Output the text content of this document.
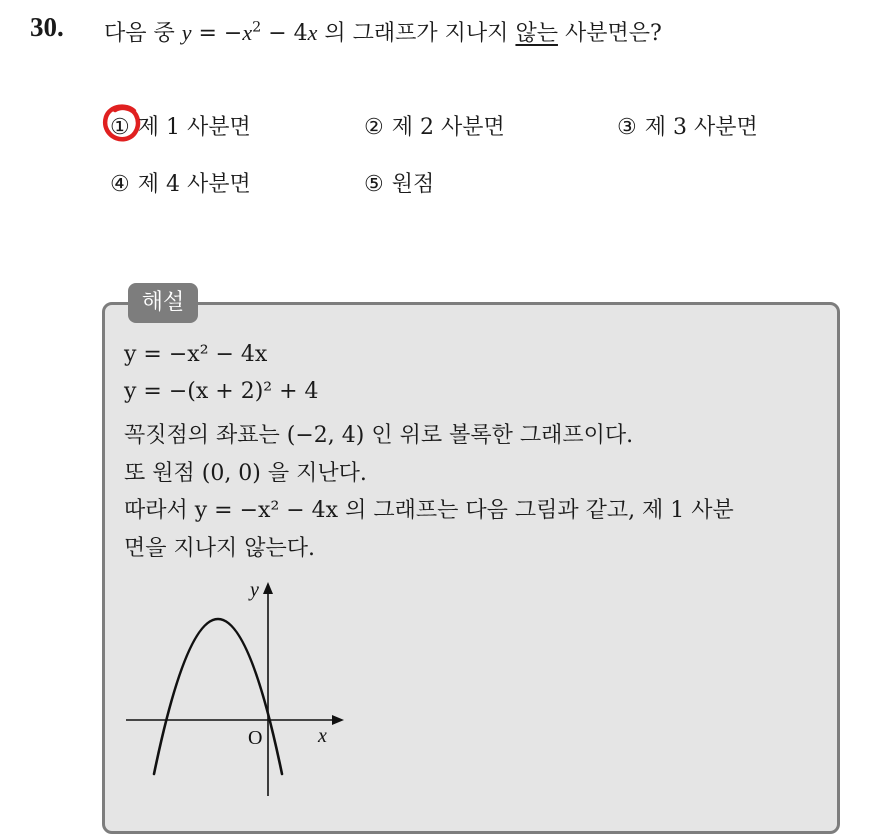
30. 다음 중 $y = -x^2 - 4x$ 의 그래프가 지나지 않는 사분면은?
① 제 1 사분면	② 제 2 사분면	③ 제 3 사분면
④ 제 4 사분면	⑤ 원점
해설
y = −x² − 4x
y = −(x + 2)² + 4
꼭짓점의 좌표는 (−2, 4) 인 위로 볼록한 그래프이다.
또 원점 (0, 0) 을 지난다.
따라서 y = −x² − 4x 의 그래프는 다음 그림과 같고, 제 1 사분
면을 지나지 않는다.
y
x
O
